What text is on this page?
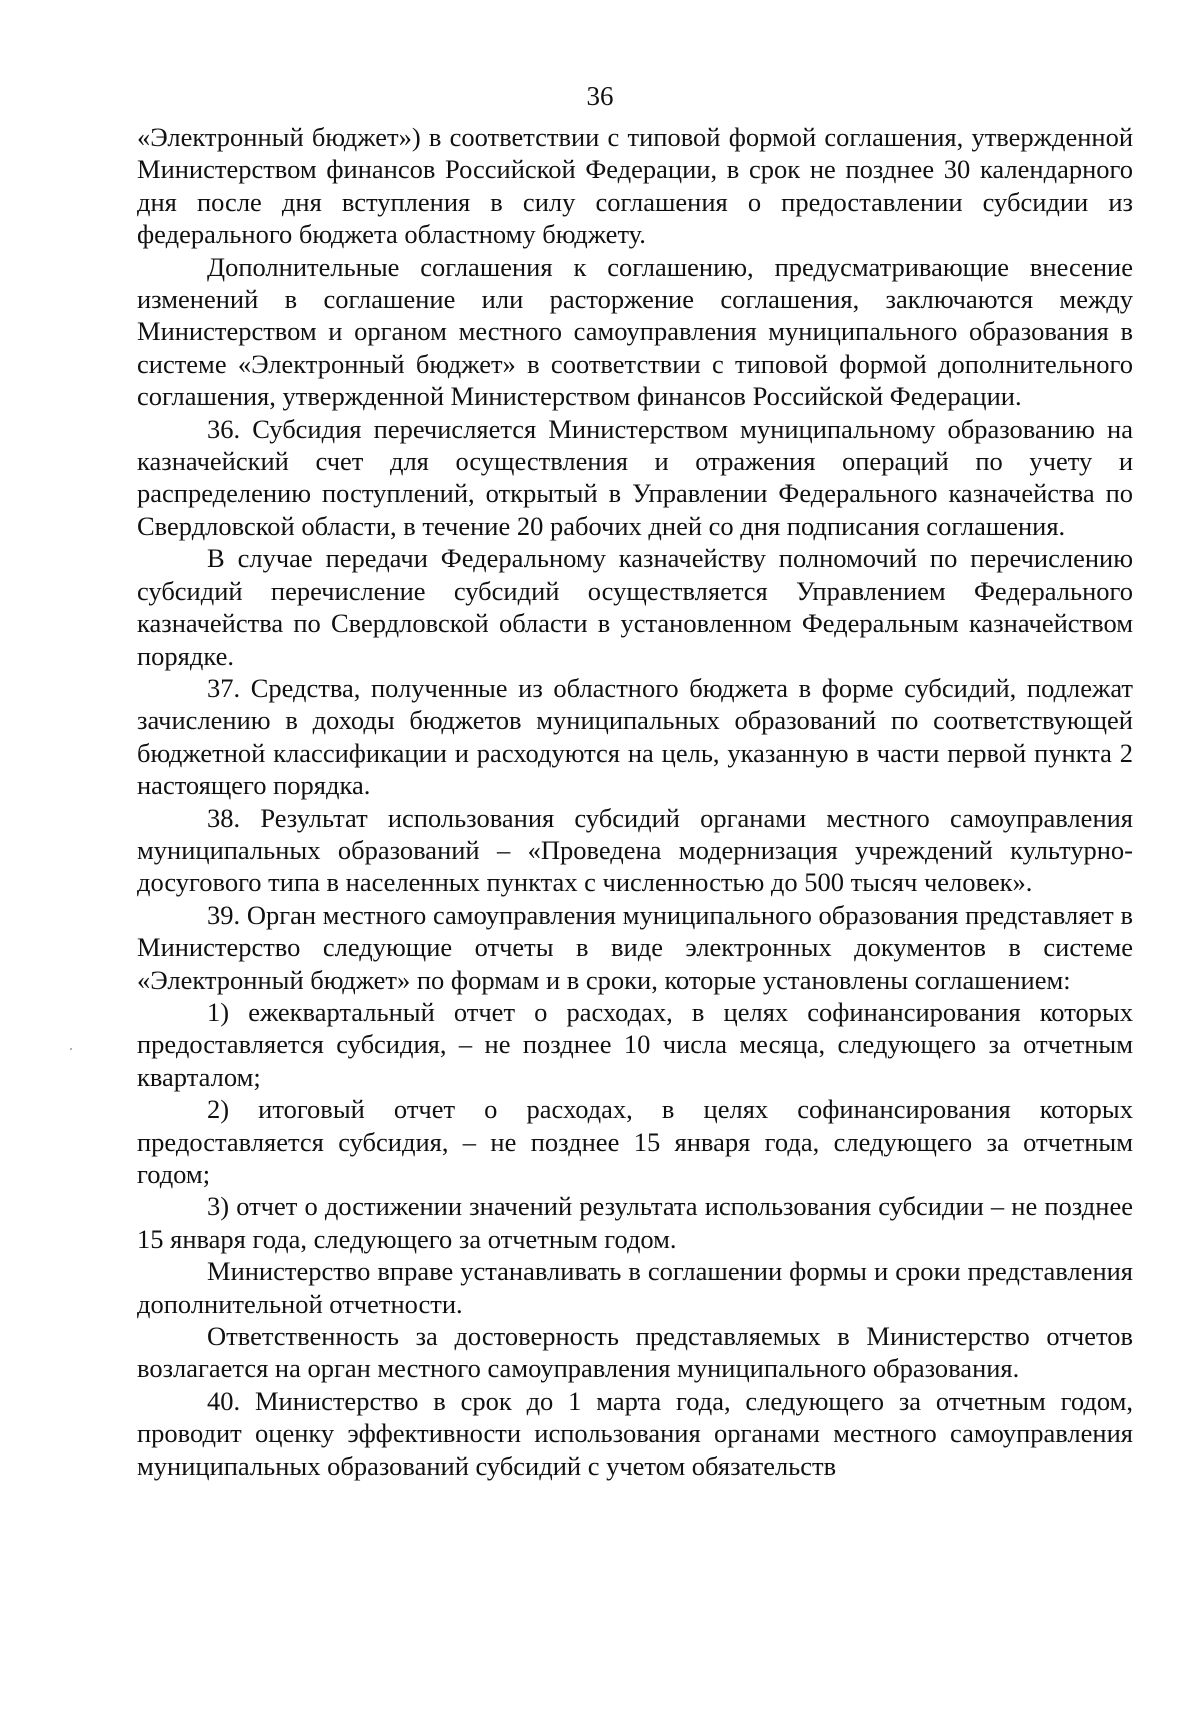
36

«Электронный бюджет») в соответствии с типовой формой соглашения, утвержденной Министерством финансов Российской Федерации, в срок не позднее 30 календарного дня после дня вступления в силу соглашения о предоставлении субсидии из федерального бюджета областному бюджету.

Дополнительные соглашения к соглашению, предусматривающие внесение изменений в соглашение или расторжение соглашения, заключаются между Министерством и органом местного самоуправления муниципального образования в системе «Электронный бюджет» в соответствии с типовой формой дополнительного соглашения, утвержденной Министерством финансов Российской Федерации.

36. Субсидия перечисляется Министерством муниципальному образованию на казначейский счет для осуществления и отражения операций по учету и распределению поступлений, открытый в Управлении Федерального казначейства по Свердловской области, в течение 20 рабочих дней со дня подписания соглашения.

В случае передачи Федеральному казначейству полномочий по перечислению субсидий перечисление субсидий осуществляется Управлением Федерального казначейства по Свердловской области в установленном Федеральным казначейством порядке.

37. Средства, полученные из областного бюджета в форме субсидий, подлежат зачислению в доходы бюджетов муниципальных образований по соответствующей бюджетной классификации и расходуются на цель, указанную в части первой пункта 2 настоящего порядка.

38. Результат использования субсидий органами местного самоуправления муниципальных образований – «Проведена модернизация учреждений культурно-досугового типа в населенных пунктах с численностью до 500 тысяч человек».

39. Орган местного самоуправления муниципального образования представляет в Министерство следующие отчеты в виде электронных документов в системе «Электронный бюджет» по формам и в сроки, которые установлены соглашением:

1) ежеквартальный отчет о расходах, в целях софинансирования которых предоставляется субсидия, – не позднее 10 числа месяца, следующего за отчетным кварталом;

2) итоговый отчет о расходах, в целях софинансирования которых предоставляется субсидия, – не позднее 15 января года, следующего за отчетным годом;

3) отчет о достижении значений результата использования субсидии – не позднее 15 января года, следующего за отчетным годом.

Министерство вправе устанавливать в соглашении формы и сроки представления дополнительной отчетности.

Ответственность за достоверность представляемых в Министерство отчетов возлагается на орган местного самоуправления муниципального образования.

40. Министерство в срок до 1 марта года, следующего за отчетным годом, проводит оценку эффективности использования органами местного самоуправления муниципальных образований субсидий с учетом обязательств
